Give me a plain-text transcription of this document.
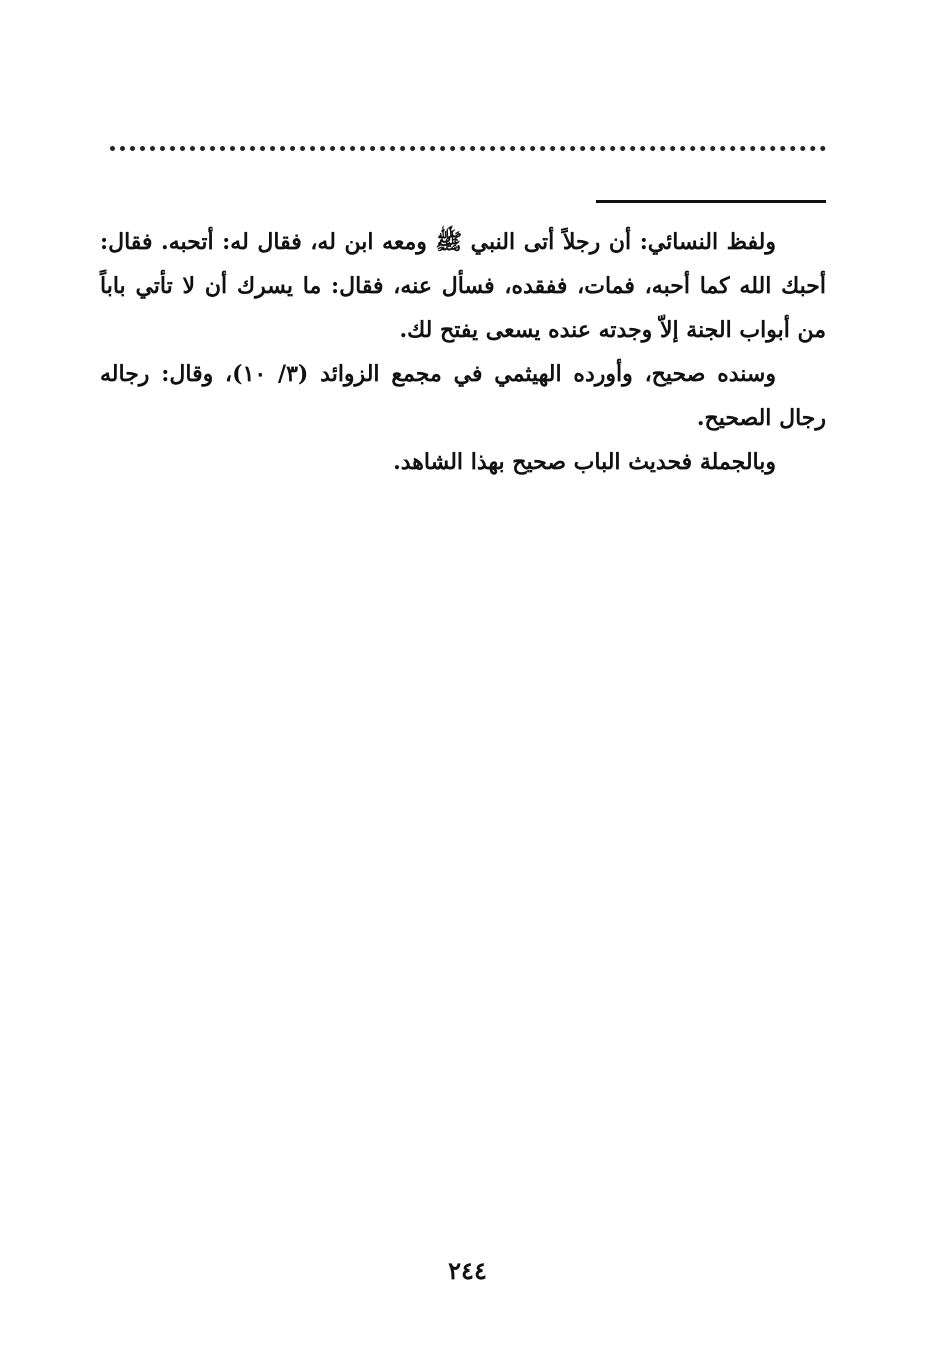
ولفظ النسائي: أن رجلاً أتى النبي ﷺ ومعه ابن له، فقال له: أتحبه. فقال: أحبك الله كما أحبه، فمات، ففقده، فسأل عنه، فقال: ما يسرك أن لا تأتي باباً من أبواب الجنة إلاّ وجدته عنده يسعى يفتح لك.

وسنده صحيح، وأورده الهيثمي في مجمع الزوائد (٣/ ١٠)، وقال: رجاله رجال الصحيح.

وبالجملة فحديث الباب صحيح بهذا الشاهد.

٢٤٤
